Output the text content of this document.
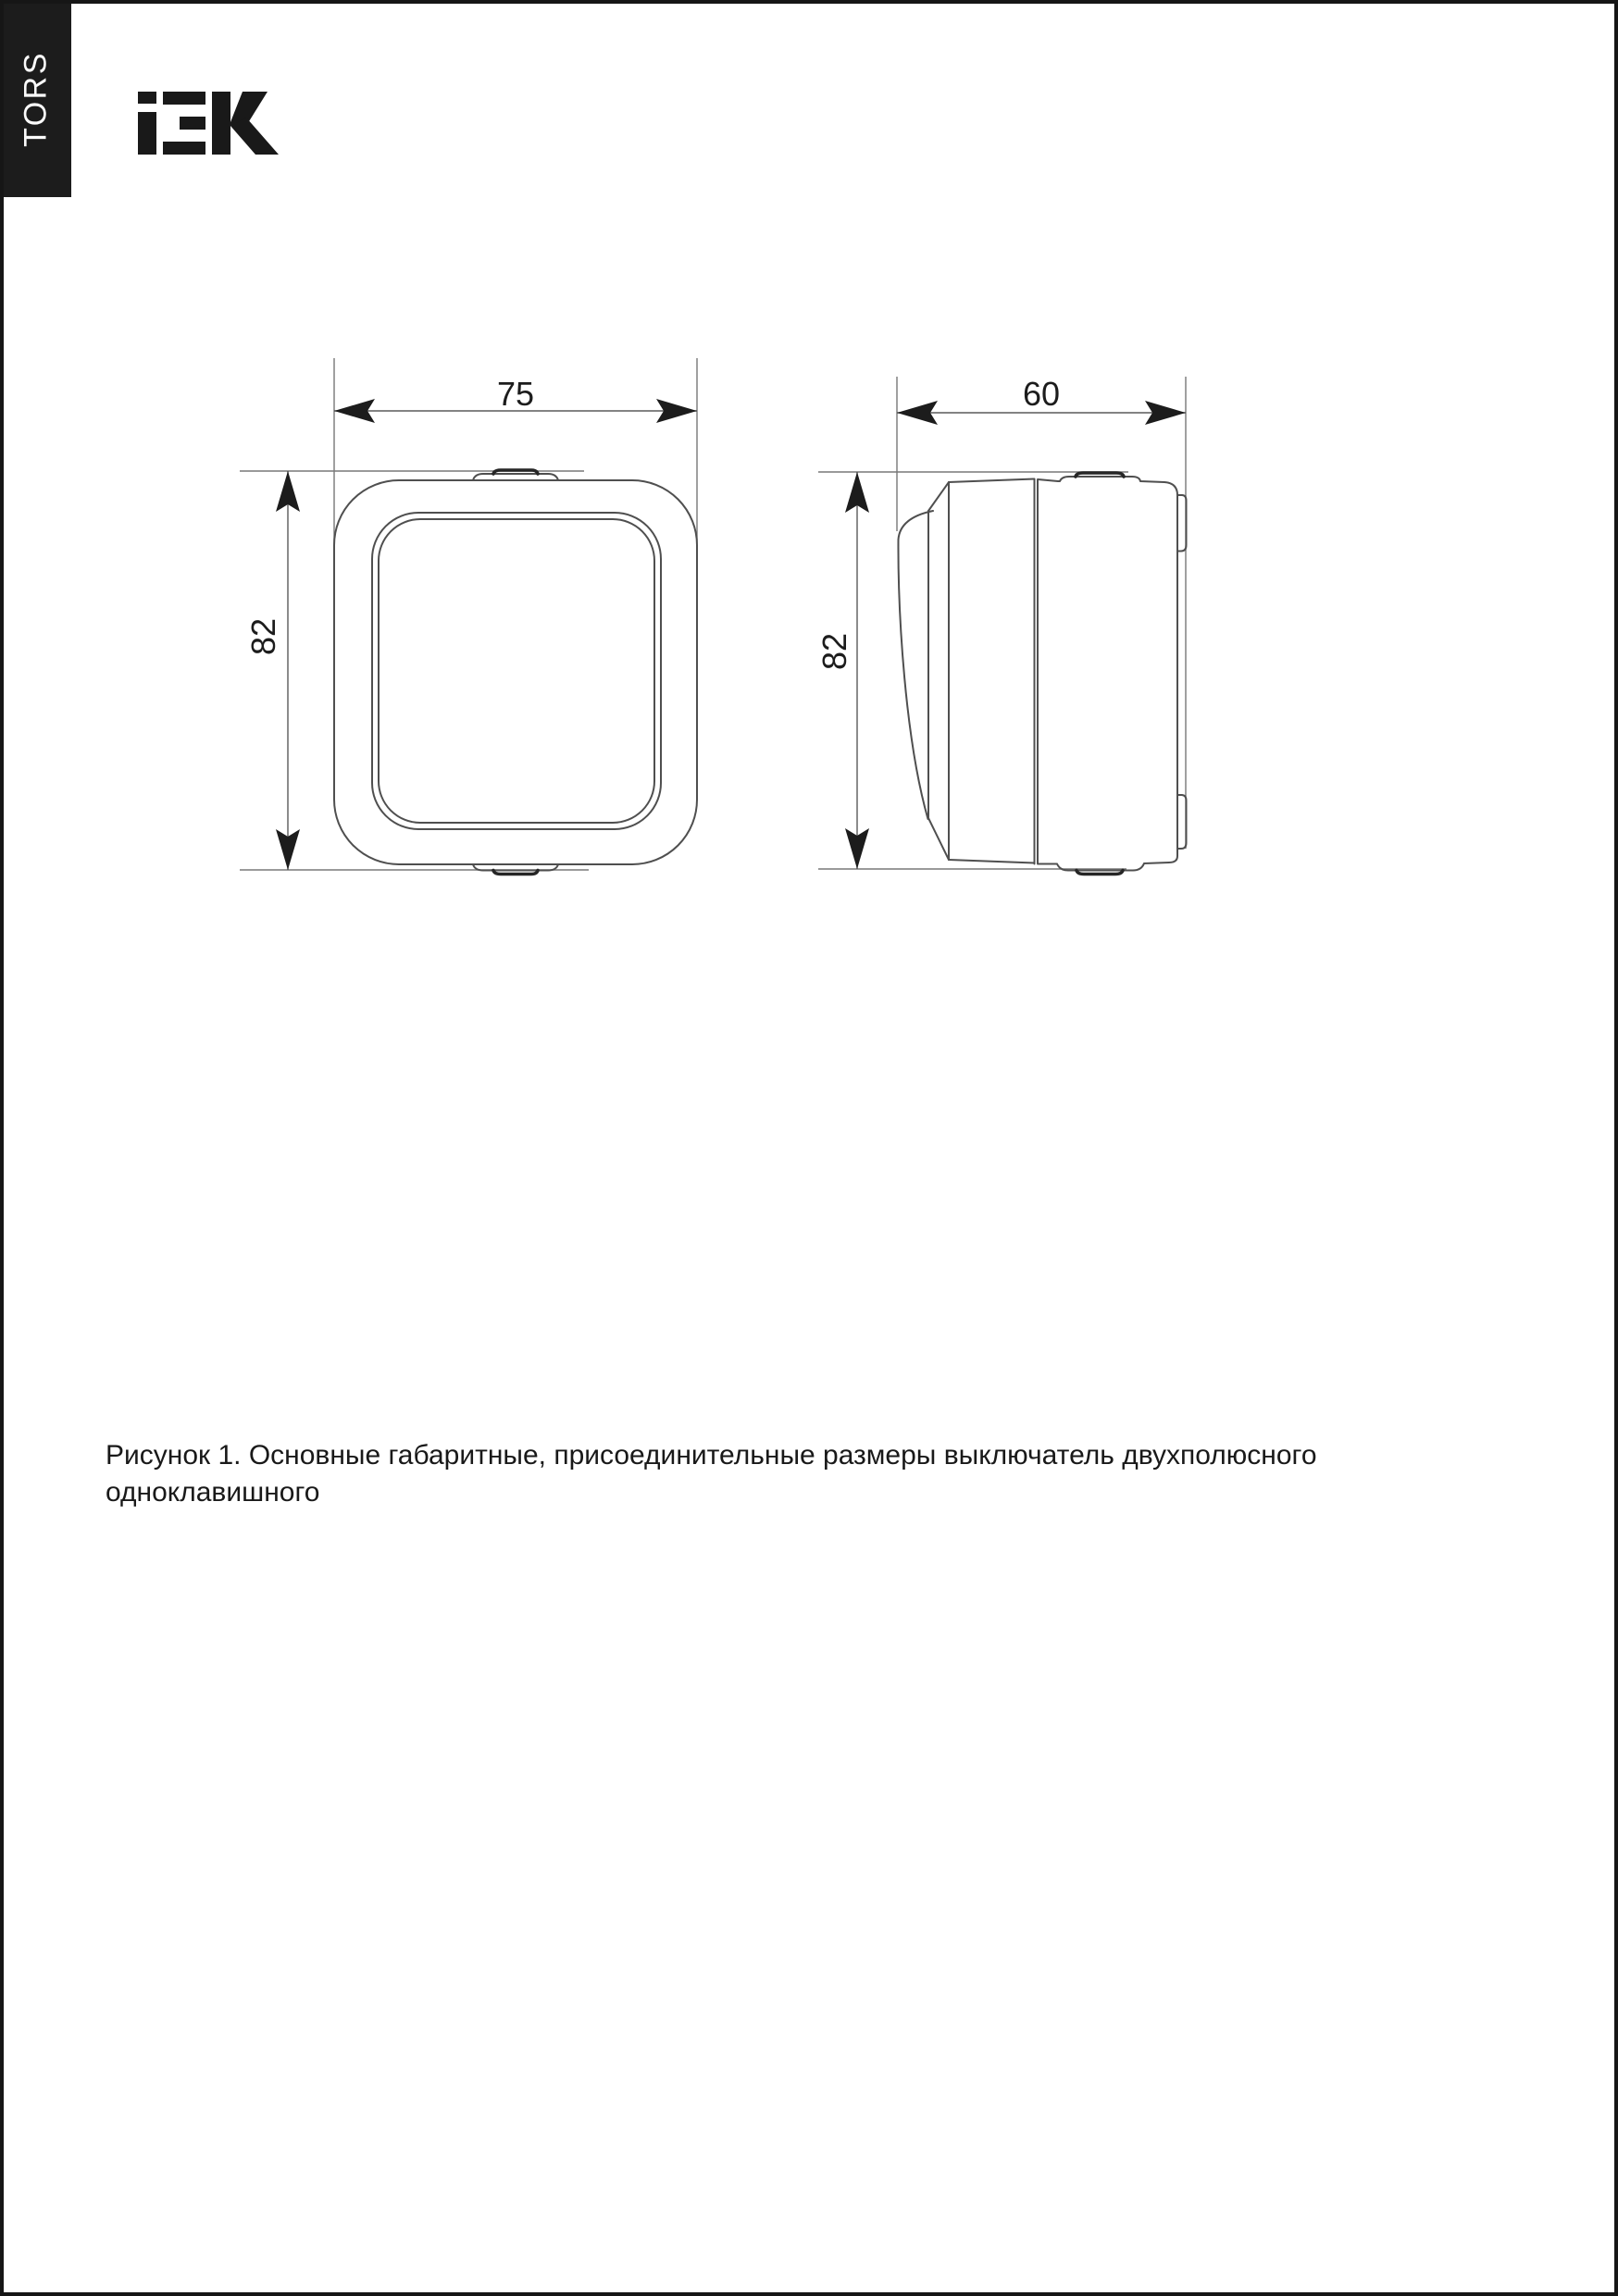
TORS
75
82
60
82
Рисунок 1. Основные габаритные, присоединительные размеры выключатель двухполюсного
одноклавишного
